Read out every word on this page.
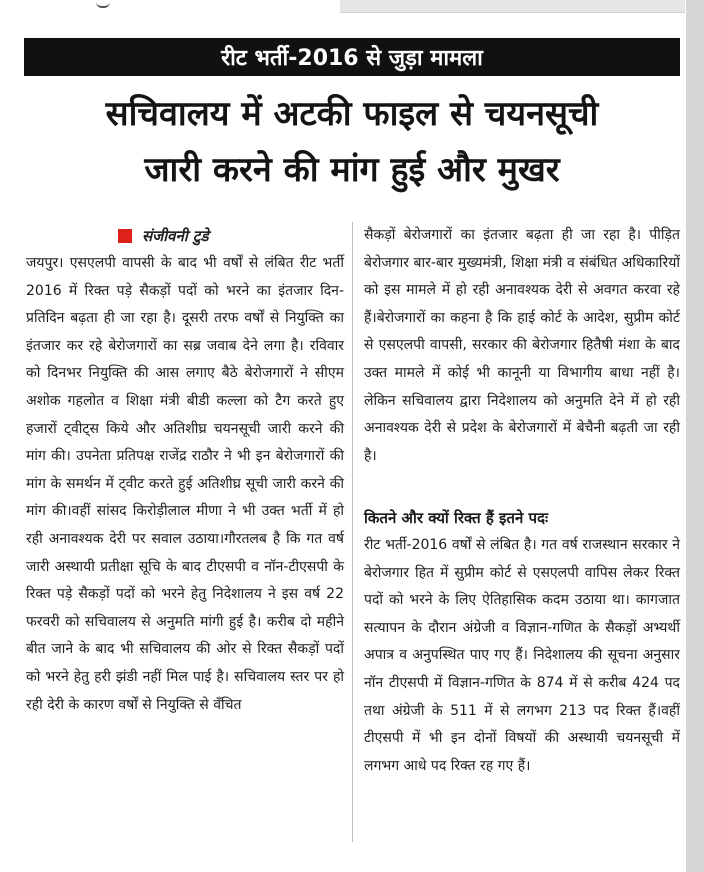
रीट भर्ती-2016 से जुड़ा मामला
सचिवालय में अटकी फाइल से चयनसूची
जारी करने की मांग हुई और मुखर
संजीवनी टुडे
जयपुर। एसएलपी वापसी के बाद भी वर्षों से लंबित रीट भर्ती 2016 में रिक्त पड़े सैकड़ों पदों को भरने का इंतजार दिन-प्रतिदिन बढ़ता ही जा रहा है। दूसरी तरफ वर्षों से नियुक्ति का इंतजार कर रहे बेरोजगारों का सब्र जवाब देने लगा है। रविवार को दिनभर नियुक्ति की आस लगाए बैठे बेरोजगारों ने सीएम अशोक गहलोत व शिक्षा मंत्री बीडी कल्ला को टैग करते हुए हजारों ट्वीट्स किये और अतिशीघ्र चयनसूची जारी करने की मांग की। उपनेता प्रतिपक्ष राजेंद्र राठौर ने भी इन बेरोजगारों की मांग के समर्थन में ट्वीट करते हुई अतिशीघ्र सूची जारी करने की मांग की।वहीं सांसद किरोड़ीलाल मीणा ने भी उक्त भर्ती में हो रही अनावश्यक देरी पर सवाल उठाया।गौरतलब है कि गत वर्ष जारी अस्थायी प्रतीक्षा सूचि के बाद टीएसपी व नॉन-टीएसपी के रिक्त पड़े सैकड़ों पदों को भरने हेतु निदेशालय ने इस वर्ष 22 फरवरी को सचिवालय से अनुमति मांगी हुई है। करीब दो महीने बीत जाने के बाद भी सचिवालय की ओर से रिक्त सैकड़ों पदों को भरने हेतु हरी झंडी नहीं मिल पाई है। सचिवालय स्तर पर हो रही देरी के कारण वर्षों से नियुक्ति से वँचित
सैकड़ों बेरोजगारों का इंतजार बढ़ता ही जा रहा है। पीड़ित बेरोजगार बार-बार मुख्यमंत्री, शिक्षा मंत्री व संबंधित अधिकारियों को इस मामले में हो रही अनावश्यक देरी से अवगत करवा रहे हैं।बेरोजगारों का कहना है कि हाई कोर्ट के आदेश, सुप्रीम कोर्ट से एसएलपी वापसी, सरकार की बेरोजगार हितैषी मंशा के बाद उक्त मामले में कोई भी कानूनी या विभागीय बाधा नहीं है। लेकिन सचिवालय द्वारा निदेशालय को अनुमति देने में हो रही अनावश्यक देरी से प्रदेश के बेरोजगारों में बेचैनी बढ़ती जा रही है।
कितने और क्यों रिक्त हैं इतने पदः
रीट भर्ती-2016 वर्षों से लंबित है। गत वर्ष राजस्थान सरकार ने बेरोजगार हित में सुप्रीम कोर्ट से एसएलपी वापिस लेकर रिक्त पदों को भरने के लिए ऐतिहासिक कदम उठाया था। कागजात सत्यापन के दौरान अंग्रेजी व विज्ञान-गणित के सैकड़ों अभ्यर्थी अपात्र व अनुपस्थित पाए गए हैं। निदेशालय की सूचना अनुसार नॉन टीएसपी में विज्ञान-गणित के 874 में से करीब 424 पद तथा अंग्रेजी के 511 में से लगभग 213 पद रिक्त हैं।वहीं टीएसपी में भी इन दोनों विषयों की अस्थायी चयनसूची में लगभग आधे पद रिक्त रह गए हैं।
